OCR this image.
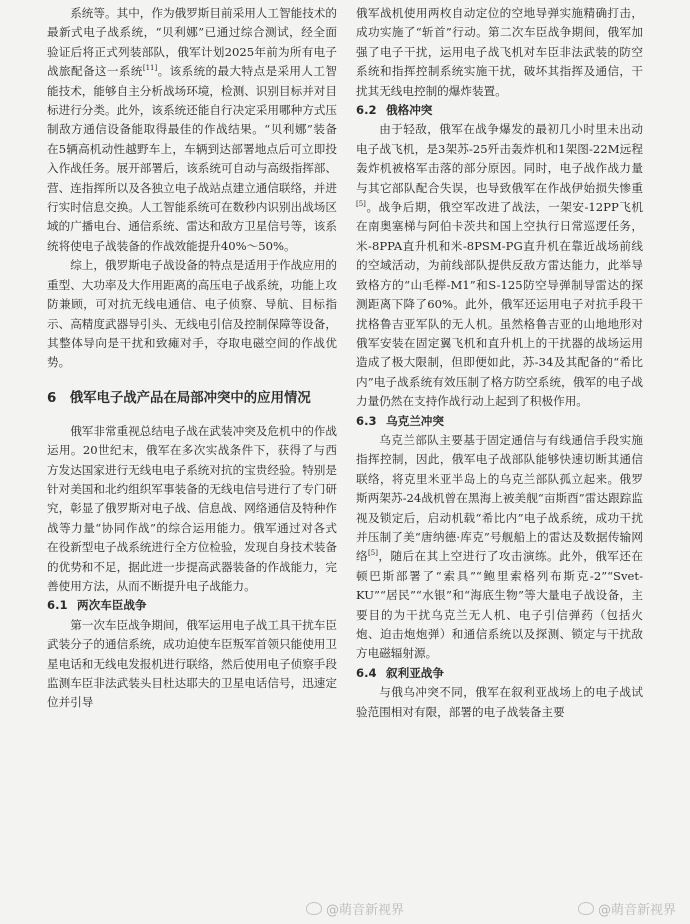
系统等。其中，作为俄罗斯目前采用人工智能技术的最新式电子战系统，“贝利娜”已通过综合测试，经全面验证后将正式列装部队，俄军计划2025年前为所有电子战旅配备这一系统[11]。该系统的最大特点是采用人工智能技术，能够自主分析战场环境，检测、识别目标并对目标进行分类。此外，该系统还能自行决定采用哪种方式压制敌方通信设备能取得最佳的作战结果。“贝利娜”装备在5辆高机动性越野车上，车辆到达部署地点后可立即投入作战任务。展开部署后，该系统可自动与高级指挥部、营、连指挥所以及各独立电子战站点建立通信联络，并进行实时信息交换。人工智能系统可在数秒内识别出战场区域的广播电台、通信系统、雷达和敌方卫星信号等，该系统将使电子战装备的作战效能提升40%～50%。

综上，俄罗斯电子战设备的特点是适用于作战应用的重型、大功率及大作用距离的高压电子战系统，功能上攻防兼顾，可对抗无线电通信、电子侦察、导航、目标指示、高精度武器导引头、无线电引信及控制保障等设备，其整体导向是干扰和致瘫对手，夺取电磁空间的作战优势。

6　俄军电子战产品在局部冲突中的应用情况

俄军非常重视总结电子战在武装冲突及危机中的作战运用。20世纪末，俄军在多次实战条件下，获得了与西方发达国家进行无线电电子系统对抗的宝贵经验。特别是针对美国和北约组织军事装备的无线电信号进行了专门研究，彰显了俄罗斯对电子战、信息战、网络通信及特种作战等力量“协同作战”的综合运用能力。俄军通过对各式在役新型电子战系统进行全方位检验，发现自身技术装备的优势和不足，据此进一步提高武器装备的作战能力，完善使用方法，从而不断提升电子战能力。

6.1 两次车臣战争

第一次车臣战争期间，俄军运用电子战工具干扰车臣武装分子的通信系统，成功迫使车臣叛军首领只能使用卫星电话和无线电发报机进行联络，然后使用电子侦察手段监测车臣非法武装头目杜达耶夫的卫星电话信号，迅速定位并引导

俄军战机使用两枚自动定位的空地导弹实施精确打击，成功实施了“斩首”行动。第二次车臣战争期间，俄军加强了电子干扰，运用电子战飞机对车臣非法武装的防空系统和指挥控制系统实施干扰，破坏其指挥及通信，干扰其无线电控制的爆炸装置。

6.2 俄格冲突

由于轻敌，俄军在战争爆发的最初几小时里未出动电子战飞机，是3架苏-25歼击轰炸机和1架图-22M远程轰炸机被格军击落的部分原因。同时，电子战作战力量与其它部队配合失误，也导致俄军在作战伊始损失惨重[5]。战争后期，俄空军改进了战法，一架安-12PP飞机在南奥塞梯与阿伯卡茨共和国上空执行日常巡逻任务，米-8PPA直升机和米-8PSM-PG直升机在靠近战场前线的空域活动，为前线部队提供反敌方雷达能力，此举导致格方的“山毛榉-M1”和S-125防空导弹制导雷达的探测距离下降了60%。此外，俄军还运用电子对抗手段干扰格鲁吉亚军队的无人机。虽然格鲁吉亚的山地地形对俄军安装在固定翼飞机和直升机上的干扰器的战场运用造成了极大限制，但即便如此，苏-34及其配备的“希比内”电子战系统有效压制了格方防空系统，俄军的电子战力量仍然在支持作战行动上起到了积极作用。

6.3 乌克兰冲突

乌克兰部队主要基于固定通信与有线通信手段实施指挥控制，因此，俄军电子战部队能够快速切断其通信联络，将克里米亚半岛上的乌克兰部队孤立起来。俄罗斯两架苏-24战机曾在黑海上被美舰“亩斯酉”雷达跟踪监视及锁定后，启动机载“希比内”电子战系统，成功干扰并压制了美“唐纳德·库克”号舰船上的雷达及数据传输网络[5]，随后在其上空进行了攻击演练。此外，俄军还在顿巴斯部署了“索具”“鲍里索格列布斯克-2”“Svet-KU”“居民”“水银”和“海底生物”等大量电子战设备，主要目的为干扰乌克兰无人机、电子引信弹药（包括火炮、迫击炮炮弹）和通信系统以及探测、锁定与干扰敌方电磁辐射源。

6.4 叙利亚战争

与俄乌冲突不同，俄军在叙利亚战场上的电子战试验范围相对有限，部署的电子战装备主要

@萌音新视界	@萌音新视界
